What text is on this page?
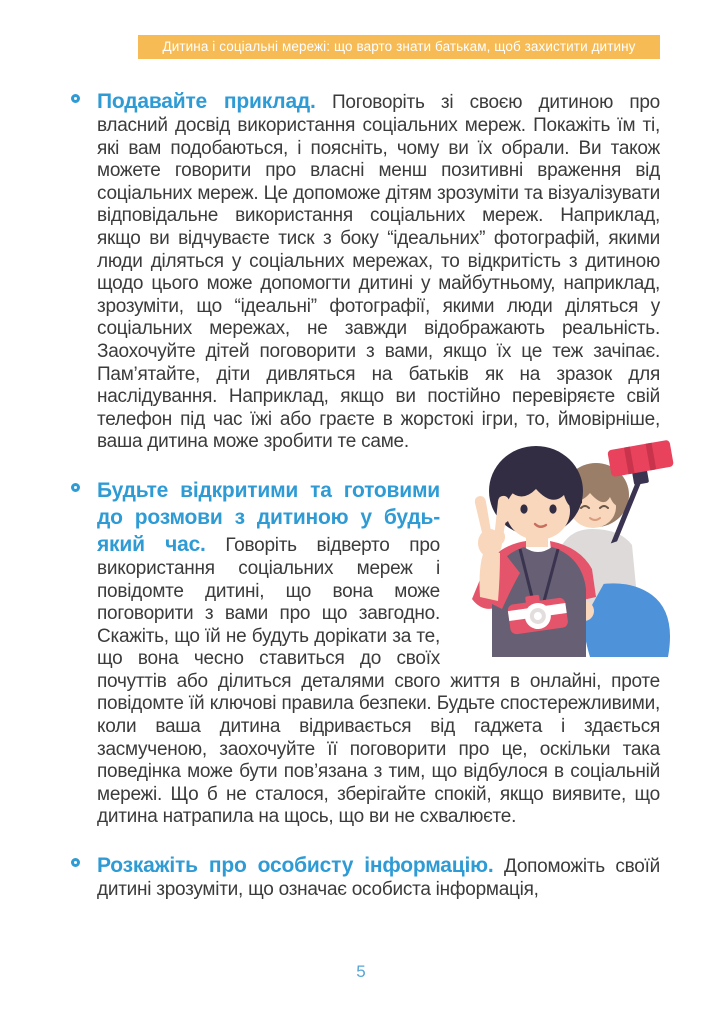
Дитина і соціальні мережі: що варто знати батькам, щоб захистити дитину

Подавайте приклад. Поговоріть зі своєю дитиною про власний досвід використання соціальних мереж. Покажіть їм ті, які вам подобаються, і поясніть, чому ви їх обрали. Ви також можете говорити про власні менш позитивні враження від соціальних мереж. Це допоможе дітям зрозуміти та візуалізувати відповідальне використання соціальних мереж. Наприклад, якщо ви відчуваєте тиск з боку “ідеальних” фотографій, якими люди діляться у соціальних мережах, то відкритість з дитиною щодо цього може допомогти дитині у майбутньому, наприклад, зрозуміти, що “ідеальні” фотографії, якими люди діляться у соціальних мережах, не завжди відображають реальність. Заохочуйте дітей поговорити з вами, якщо їх це теж зачіпає. Пам’ятайте, діти дивляться на батьків як на зразок для наслідування. Наприклад, якщо ви постійно перевіряєте свій телефон під час їжі або граєте в жорстокі ігри, то, ймовірніше, ваша дитина може зробити те саме.

Будьте відкритими та готовими до розмови з дитиною у будь-який час. Говоріть відверто про використання соціальних мереж і повідомте дитині, що вона може поговорити з вами про що завгодно. Скажіть, що їй не будуть дорікати за те, що вона чесно ставиться до своїх почуттів або ділиться деталями свого життя в онлайні, проте повідомте їй ключові правила безпеки. Будьте спостережливими, коли ваша дитина відривається від гаджета і здається засмученою, заохочуйте її поговорити про це, оскільки така поведінка може бути пов’язана з тим, що відбулося в соціальній мережі. Що б не сталося, зберігайте спокій, якщо виявите, що дитина натрапила на щось, що ви не схвалюєте.

Розкажіть про особисту інформацію. Допоможіть своїй дитині зрозуміти, що означає особиста інформація,

5
